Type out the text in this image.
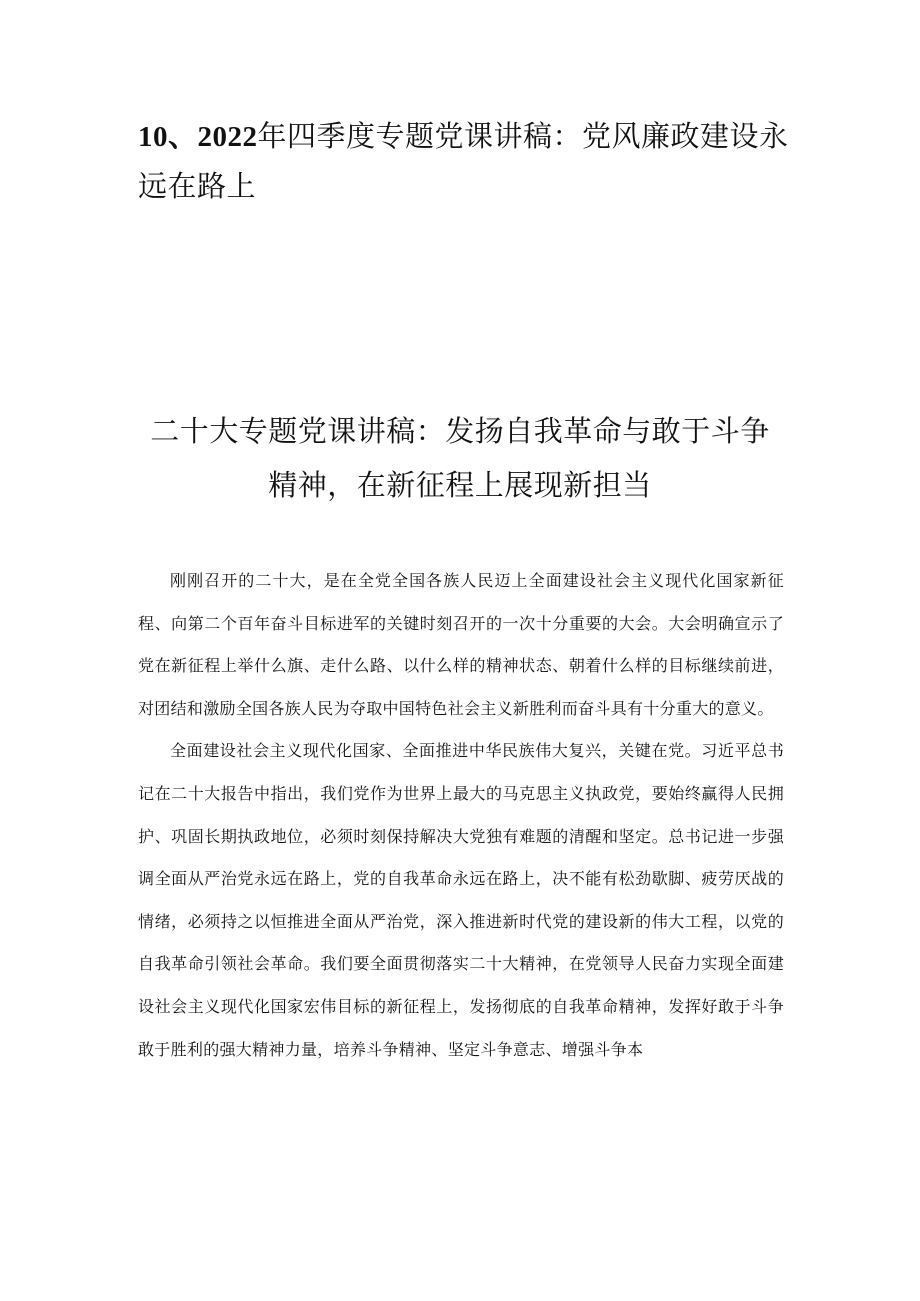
10、2022年四季度专题党课讲稿：党风廉政建设永远在路上
二十大专题党课讲稿：发扬自我革命与敢于斗争精神，在新征程上展现新担当

刚刚召开的二十大，是在全党全国各族人民迈上全面建设社会主义现代化国家新征程、向第二个百年奋斗目标进军的关键时刻召开的一次十分重要的大会。大会明确宣示了党在新征程上举什么旗、走什么路、以什么样的精神状态、朝着什么样的目标继续前进，对团结和激励全国各族人民为夺取中国特色社会主义新胜利而奋斗具有十分重大的意义。

全面建设社会主义现代化国家、全面推进中华民族伟大复兴，关键在党。习近平总书记在二十大报告中指出，我们党作为世界上最大的马克思主义执政党，要始终赢得人民拥护、巩固长期执政地位，必须时刻保持解决大党独有难题的清醒和坚定。总书记进一步强调全面从严治党永远在路上，党的自我革命永远在路上，决不能有松劲歇脚、疲劳厌战的情绪，必须持之以恒推进全面从严治党，深入推进新时代党的建设新的伟大工程，以党的自我革命引领社会革命。我们要全面贯彻落实二十大精神，在党领导人民奋力实现全面建设社会主义现代化国家宏伟目标的新征程上，发扬彻底的自我革命精神，发挥好敢于斗争敢于胜利的强大精神力量，培养斗争精神、坚定斗争意志、增强斗争本
